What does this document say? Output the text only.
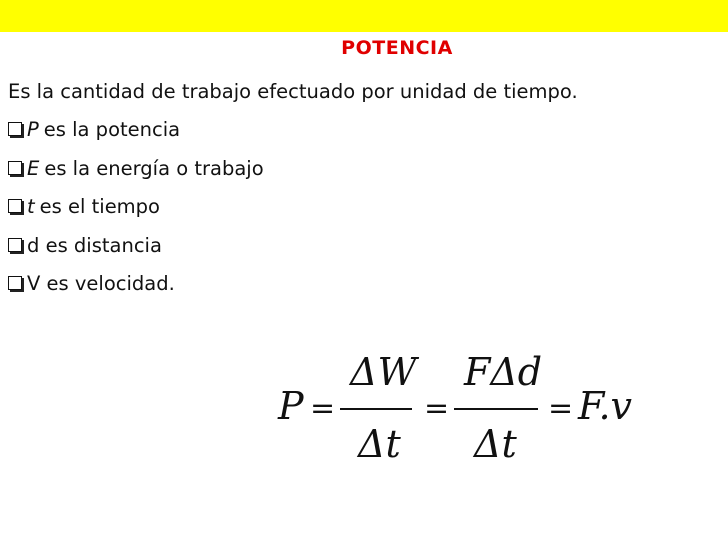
POTENCIA
Es la cantidad de trabajo efectuado por unidad de tiempo.
P es la potencia
E es la energía o trabajo
t es el tiempo
d es distancia
V es velocidad.
P =
ΔW
Δt
=
FΔd
Δt
= F.v
